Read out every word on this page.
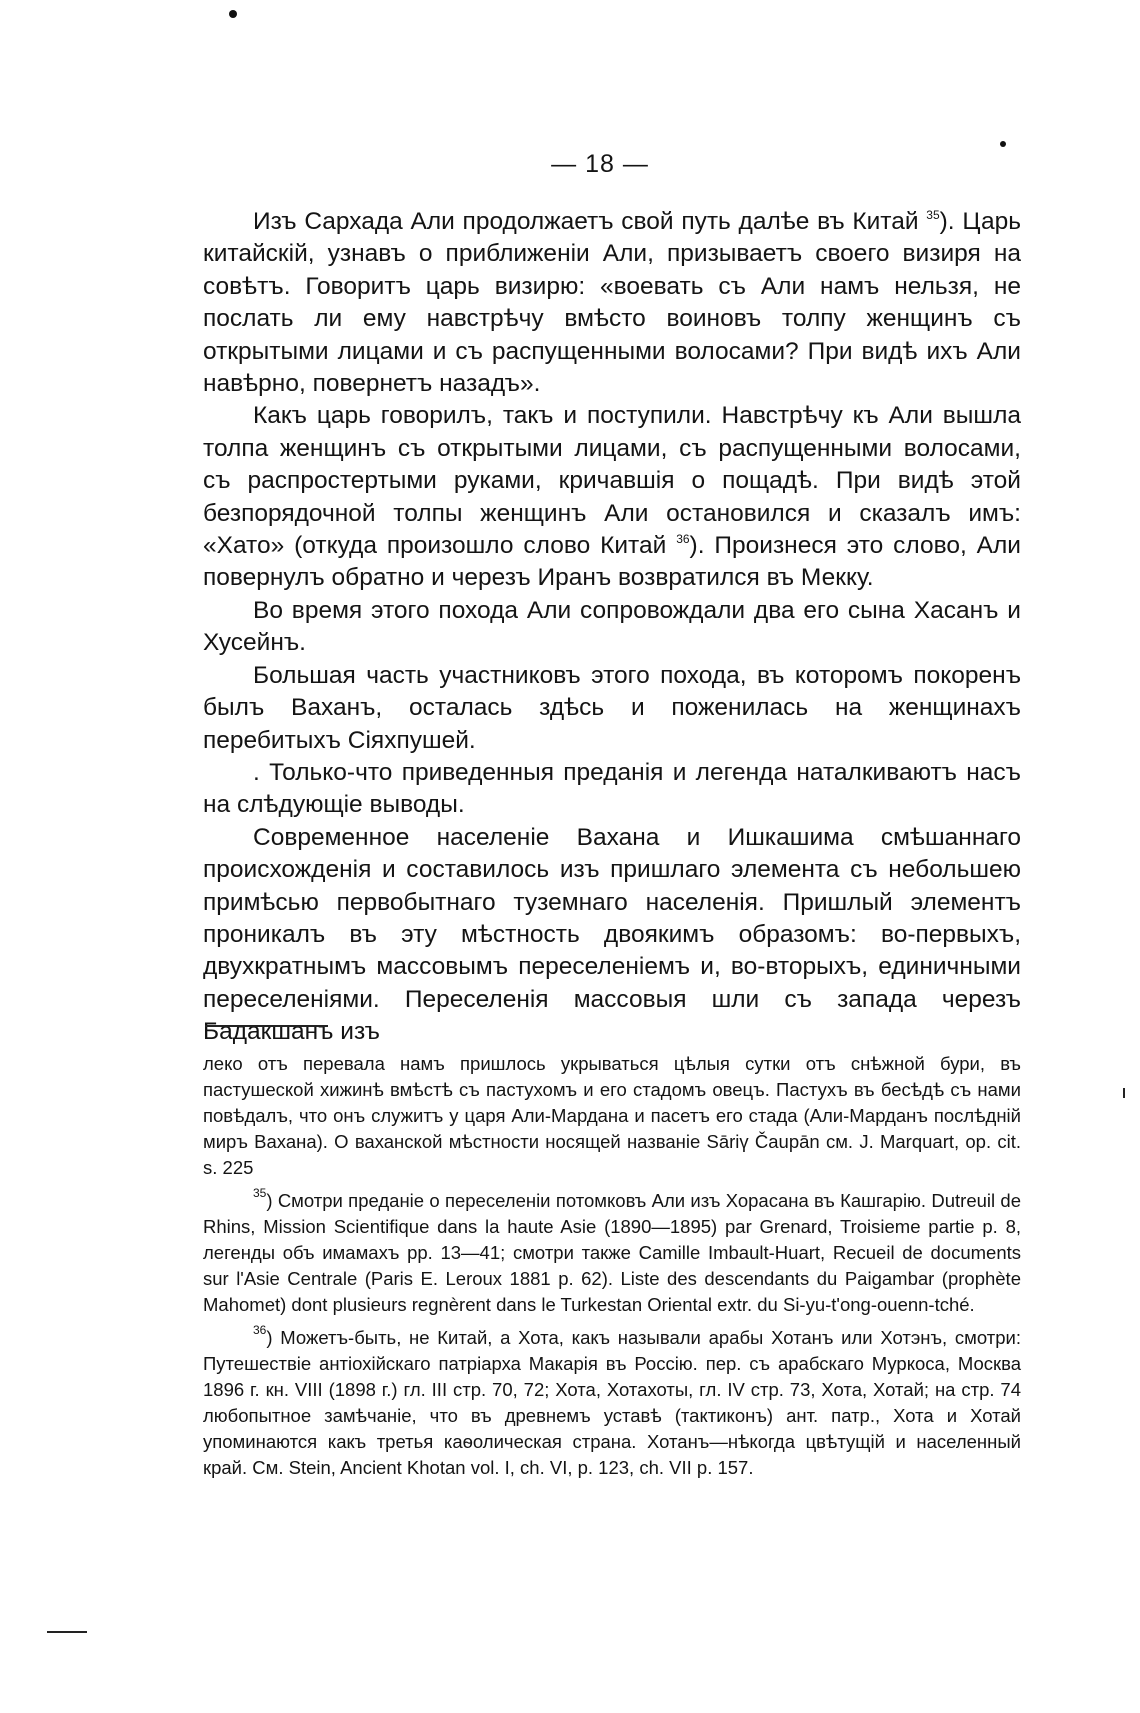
— 18 —

Изъ Сархада Али продолжаетъ свой путь далѣе въ Китай $^{35}$). Царь китайскій, узнавъ о приближеніи Али, призываетъ своего визиря на совѣтъ. Говоритъ царь визирю: «воевать съ Али намъ нельзя, не послать ли ему навстрѣчу вмѣсто воиновъ толпу женщинъ съ открытыми лицами и съ распущенными волосами? При видѣ ихъ Али навѣрно, повернетъ назадъ».

Какъ царь говорилъ, такъ и поступили. Навстрѣчу къ Али вышла толпа женщинъ съ открытыми лицами, съ распущенными волосами, съ распростертыми руками, кричавшія о пощадѣ. При видѣ этой безпорядочной толпы женщинъ Али остановился и сказалъ имъ: «Хато» (откуда произошло слово Китай $^{36}$). Произнеся это слово, Али повернулъ обратно и черезъ Иранъ возвратился въ Мекку.

Во время этого похода Али сопровождали два его сына Хасанъ и Хусейнъ.

Большая часть участниковъ этого похода, въ которомъ покоренъ былъ Ваханъ, осталась здѣсь и поженилась на женщинахъ перебитыхъ Сіяхпушей.

. Только-что приведенныя преданія и легенда наталкиваютъ насъ на слѣдующіе выводы.

Современное населеніе Вахана и Ишкашима смѣшаннаго происхожденія и составилось изъ пришлаго элемента съ небольшею примѣсью первобытнаго туземнаго населенія. Пришлый элементъ проникалъ въ эту мѣстность двоякимъ образомъ: во-первыхъ, двухкратнымъ массовымъ переселеніемъ и, во-вторыхъ, единичными переселеніями. Переселенія массовыя шли съ запада черезъ Бадакшанъ изъ

леко отъ перевала намъ пришлось укрываться цѣлыя сутки отъ снѣжной бури, въ пастушеской хижинѣ вмѣстѣ съ пастухомъ и его стадомъ овецъ. Пастухъ въ бесѣдѣ съ нами повѣдалъ, что онъ служитъ у царя Али-Мардана и пасетъ его стада (Али-Марданъ послѣдній миръ Вахана). О ваханской мѣстности носящей названіе Sāriү Čaupān см. J. Marquart, op. cit. s. 225

$^{35}$) Смотри преданіе о переселеніи потомковъ Али изъ Хорасана въ Кашгарію. Dutreuil de Rhins, Mission Scientifique dans la haute Asie (1890—1895) par Grenard, Troisieme partie p. 8, легенды объ имамахъ pp. 13—41; смотри также Camille Imbault-Huart, Recueil de documents sur l'Asie Centrale (Paris E. Leroux 1881 p. 62). Liste des descendants du Paigambar (prophète Mahomet) dont plusieurs regnèrent dans le Turkestan Oriental extr. du Si-yu-t'ong-ouenn-tché.

$^{36}$) Можетъ-быть, не Китай, а Хота, какъ называли арабы Хотанъ или Хотэнъ, смотри: Путешествіе антіохійскаго патріарха Макарія въ Россію. пер. съ арабскаго Муркоса, Москва 1896 г. кн. VIII (1898 г.) гл. III стр. 70, 72; Хота, Хотахоты, гл. IV стр. 73, Хота, Хотай; на стр. 74 любопытное замѣчаніе, что въ древнемъ уставѣ (тактиконъ) ант. патр., Хота и Хотай упоминаются какъ третья каѳолическая страна. Хотанъ—нѣкогда цвѣтущій и населенный край. См. Stein, Ancient Khotan vol. I, ch. VI, p. 123, ch. VII p. 157.
